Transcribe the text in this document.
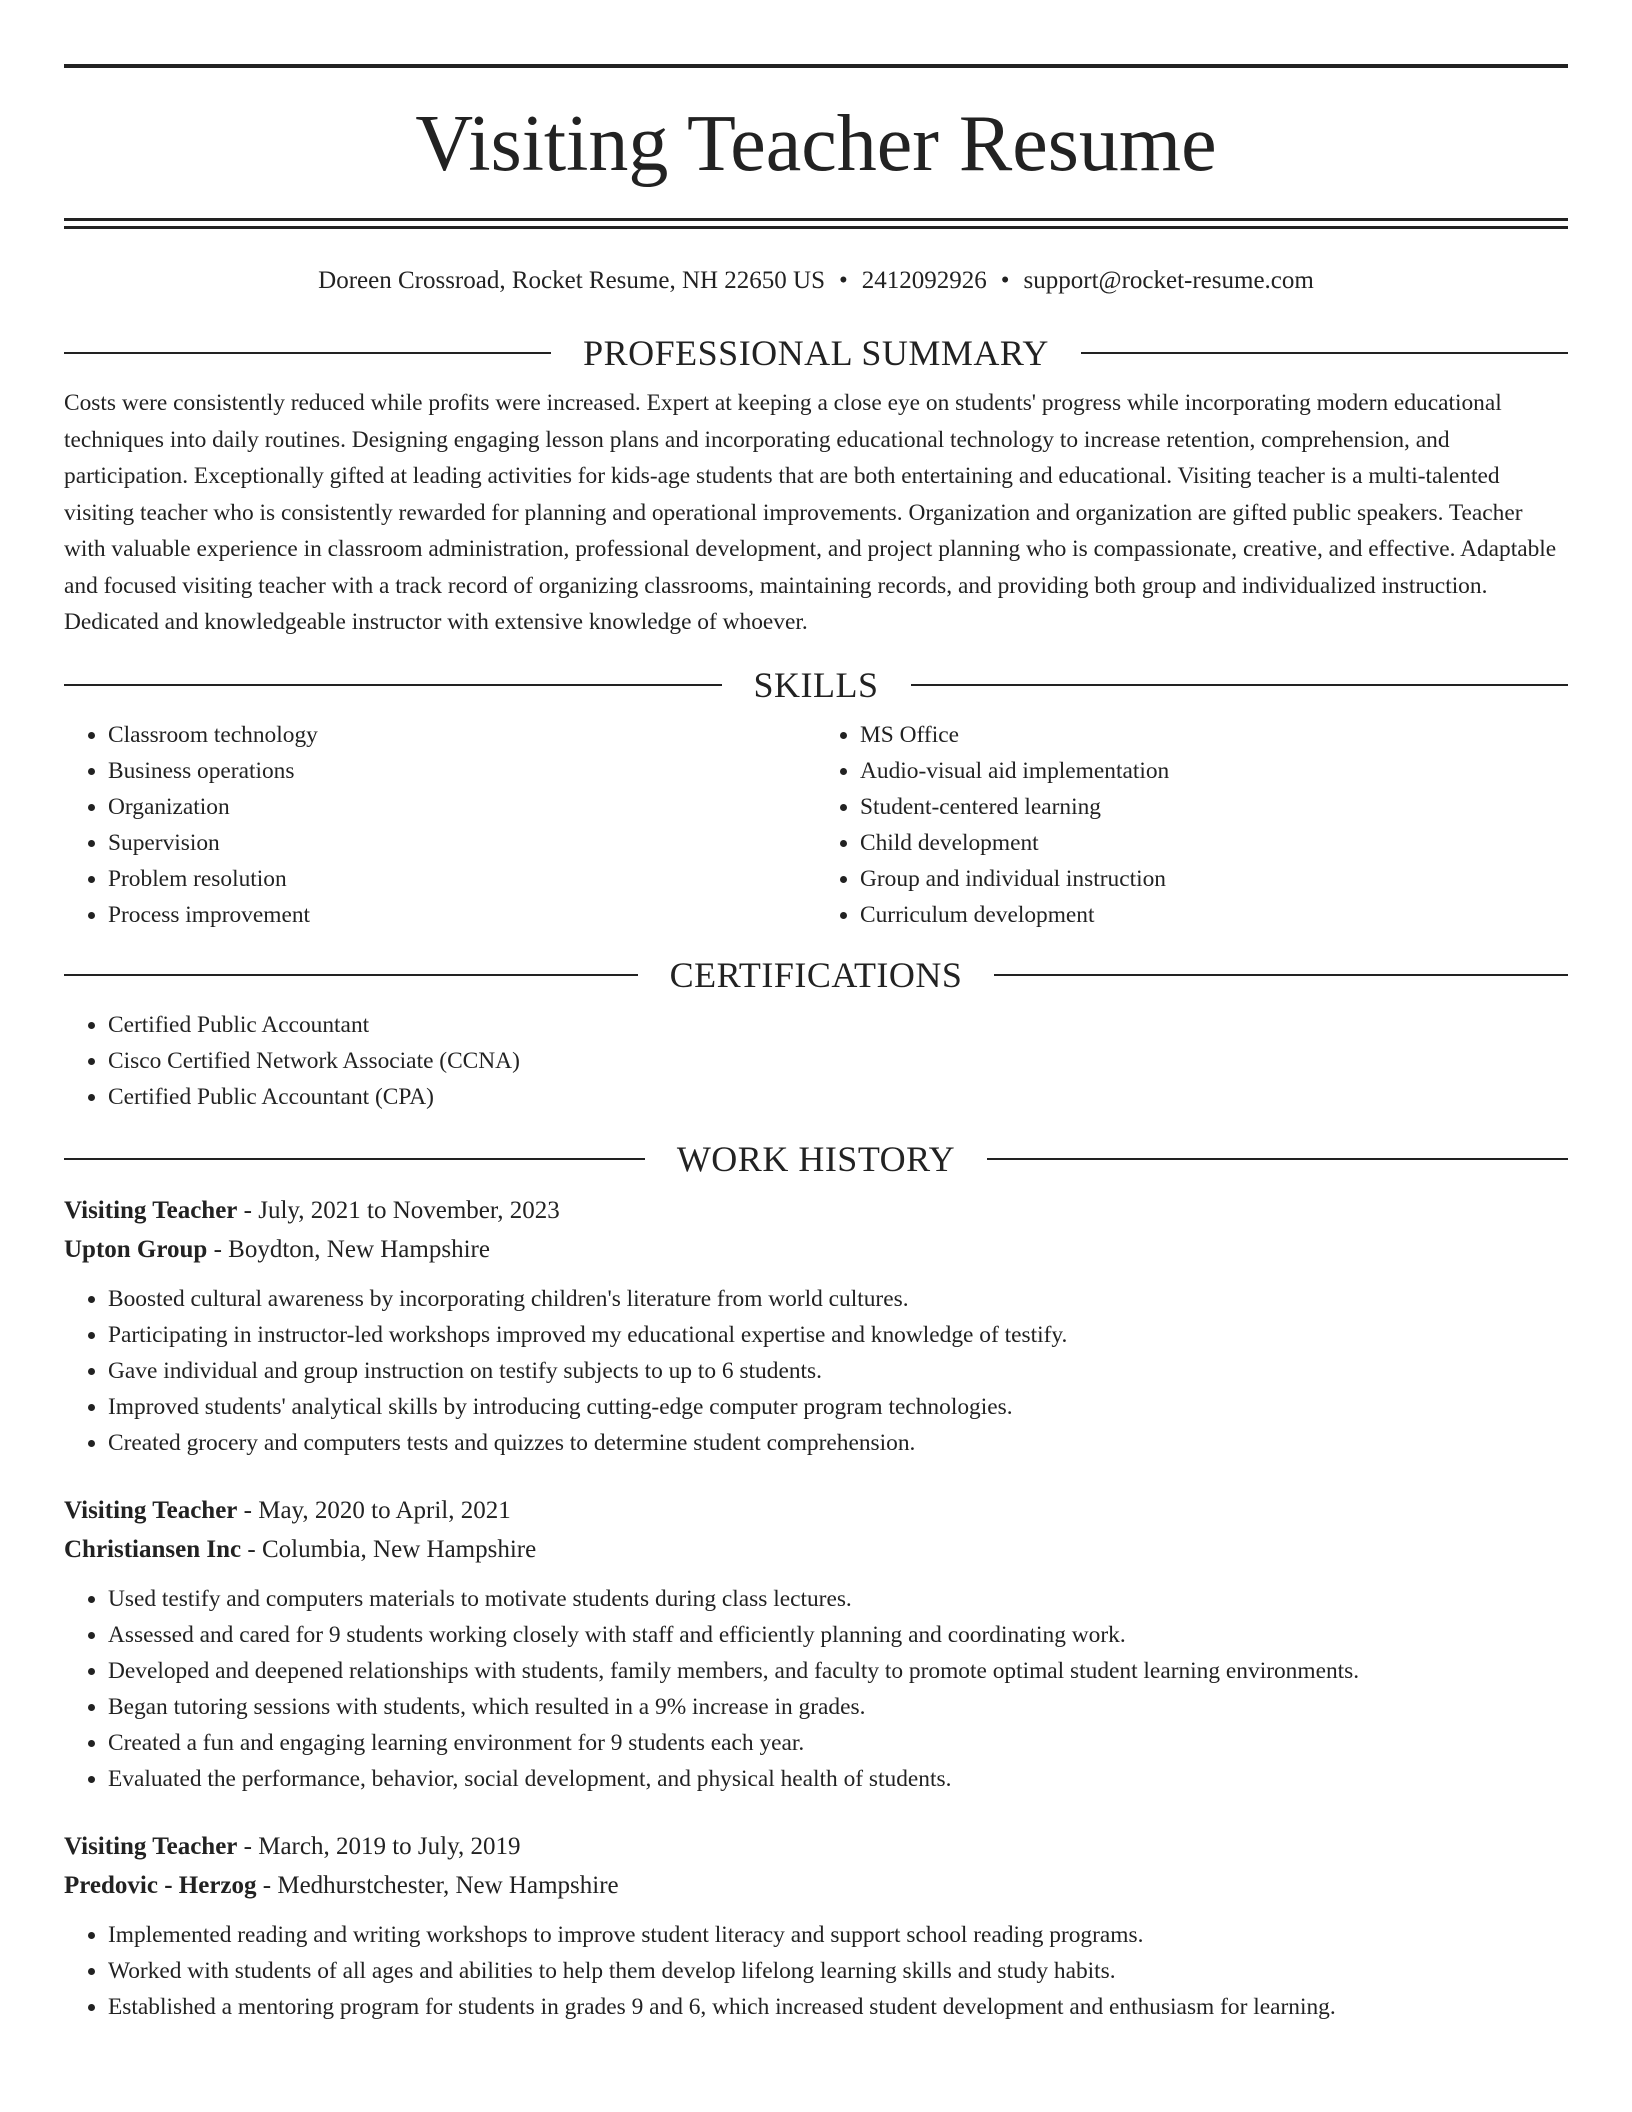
Visiting Teacher Resume
Doreen Crossroad, Rocket Resume, NH 22650 US • 2412092926 • support@rocket-resume.com
PROFESSIONAL SUMMARY

Costs were consistently reduced while profits were increased. Expert at keeping a close eye on students' progress while incorporating modern educational techniques into daily routines. Designing engaging lesson plans and incorporating educational technology to increase retention, comprehension, and participation. Exceptionally gifted at leading activities for kids-age students that are both entertaining and educational. Visiting teacher is a multi-talented visiting teacher who is consistently rewarded for planning and operational improvements. Organization and organization are gifted public speakers. Teacher with valuable experience in classroom administration, professional development, and project planning who is compassionate, creative, and effective. Adaptable and focused visiting teacher with a track record of organizing classrooms, maintaining records, and providing both group and individualized instruction. Dedicated and knowledgeable instructor with extensive knowledge of whoever.

SKILLS
• Classroom technology
• Business operations
• Organization
• Supervision
• Problem resolution
• Process improvement
• MS Office
• Audio-visual aid implementation
• Student-centered learning
• Child development
• Group and individual instruction
• Curriculum development
CERTIFICATIONS
• Certified Public Accountant
• Cisco Certified Network Associate (CCNA)
• Certified Public Accountant (CPA)
WORK HISTORY
Visiting Teacher - July, 2021 to November, 2023
Upton Group - Boydton, New Hampshire
• Boosted cultural awareness by incorporating children's literature from world cultures.
• Participating in instructor-led workshops improved my educational expertise and knowledge of testify.
• Gave individual and group instruction on testify subjects to up to 6 students.
• Improved students' analytical skills by introducing cutting-edge computer program technologies.
• Created grocery and computers tests and quizzes to determine student comprehension.
Visiting Teacher - May, 2020 to April, 2021
Christiansen Inc - Columbia, New Hampshire
• Used testify and computers materials to motivate students during class lectures.
• Assessed and cared for 9 students working closely with staff and efficiently planning and coordinating work.
• Developed and deepened relationships with students, family members, and faculty to promote optimal student learning environments.
• Began tutoring sessions with students, which resulted in a 9% increase in grades.
• Created a fun and engaging learning environment for 9 students each year.
• Evaluated the performance, behavior, social development, and physical health of students.
Visiting Teacher - March, 2019 to July, 2019
Predovic - Herzog - Medhurstchester, New Hampshire
• Implemented reading and writing workshops to improve student literacy and support school reading programs.
• Worked with students of all ages and abilities to help them develop lifelong learning skills and study habits.
• Established a mentoring program for students in grades 9 and 6, which increased student development and enthusiasm for learning.
